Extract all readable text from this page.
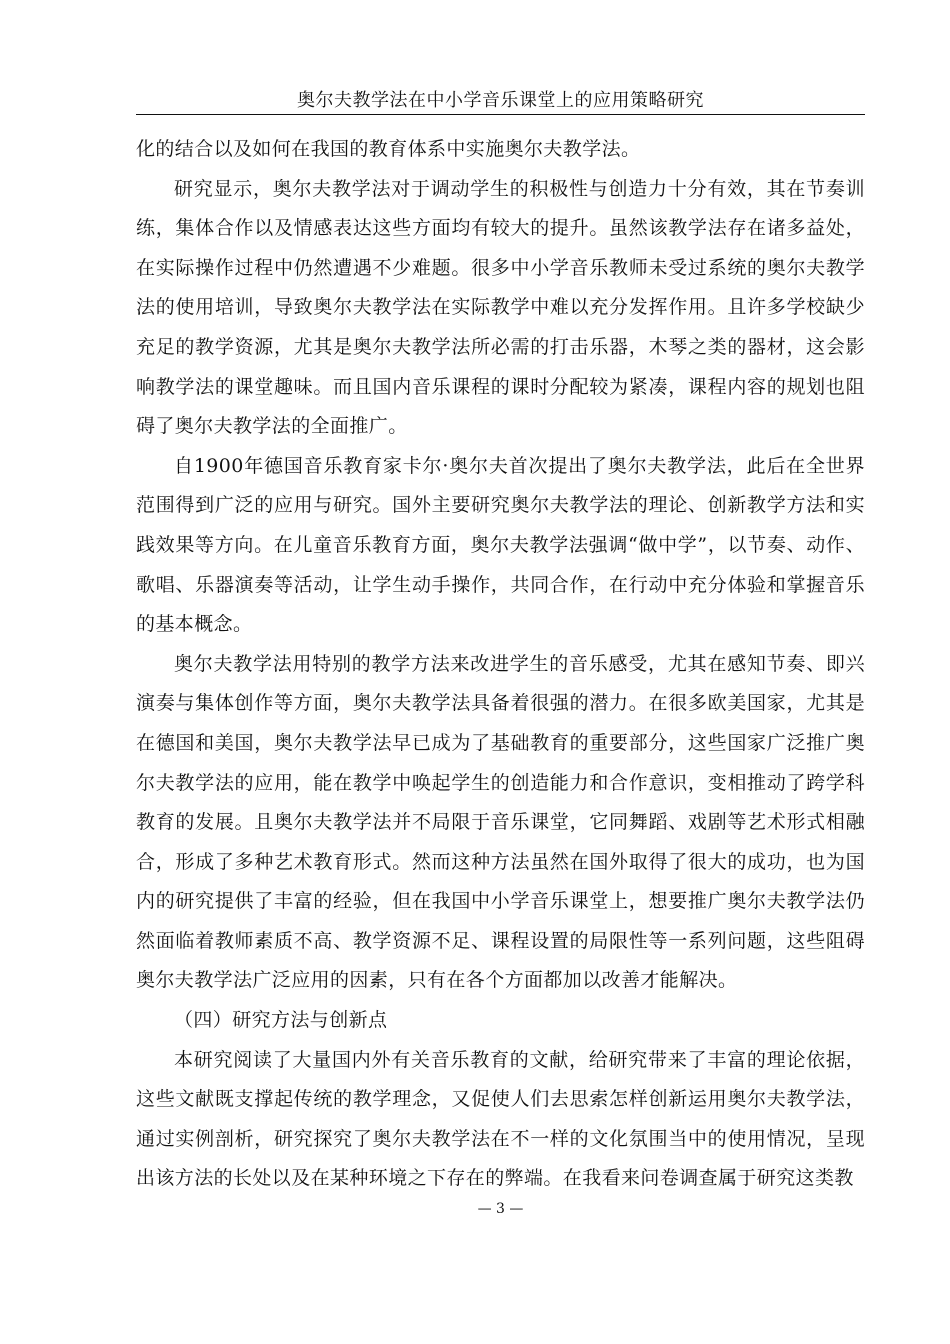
奥尔夫教学法在中小学音乐课堂上的应用策略研究

化的结合以及如何在我国的教育体系中实施奥尔夫教学法。

研究显示，奥尔夫教学法对于调动学生的积极性与创造力十分有效，其在节奏训练，集体合作以及情感表达这些方面均有较大的提升。虽然该教学法存在诸多益处，在实际操作过程中仍然遭遇不少难题。很多中小学音乐教师未受过系统的奥尔夫教学法的使用培训，导致奥尔夫教学法在实际教学中难以充分发挥作用。且许多学校缺少充足的教学资源，尤其是奥尔夫教学法所必需的打击乐器，木琴之类的器材，这会影响教学法的课堂趣味。而且国内音乐课程的课时分配较为紧凑，课程内容的规划也阻碍了奥尔夫教学法的全面推广。

自1900年德国音乐教育家卡尔·奥尔夫首次提出了奥尔夫教学法，此后在全世界范围得到广泛的应用与研究。国外主要研究奥尔夫教学法的理论、创新教学方法和实践效果等方向。在儿童音乐教育方面，奥尔夫教学法强调“做中学”，以节奏、动作、歌唱、乐器演奏等活动，让学生动手操作，共同合作，在行动中充分体验和掌握音乐的基本概念。

奥尔夫教学法用特别的教学方法来改进学生的音乐感受，尤其在感知节奏、即兴演奏与集体创作等方面，奥尔夫教学法具备着很强的潜力。在很多欧美国家，尤其是在德国和美国，奥尔夫教学法早已成为了基础教育的重要部分，这些国家广泛推广奥尔夫教学法的应用，能在教学中唤起学生的创造能力和合作意识，变相推动了跨学科教育的发展。且奥尔夫教学法并不局限于音乐课堂，它同舞蹈、戏剧等艺术形式相融合，形成了多种艺术教育形式。然而这种方法虽然在国外取得了很大的成功，也为国内的研究提供了丰富的经验，但在我国中小学音乐课堂上，想要推广奥尔夫教学法仍然面临着教师素质不高、教学资源不足、课程设置的局限性等一系列问题，这些阻碍奥尔夫教学法广泛应用的因素，只有在各个方面都加以改善才能解决。

（四）研究方法与创新点

本研究阅读了大量国内外有关音乐教育的文献，给研究带来了丰富的理论依据，这些文献既支撑起传统的教学理念，又促使人们去思索怎样创新运用奥尔夫教学法，通过实例剖析，研究探究了奥尔夫教学法在不一样的文化氛围当中的使用情况，呈现出该方法的长处以及在某种环境之下存在的弊端。在我看来问卷调查属于研究这类教

— 3 —
